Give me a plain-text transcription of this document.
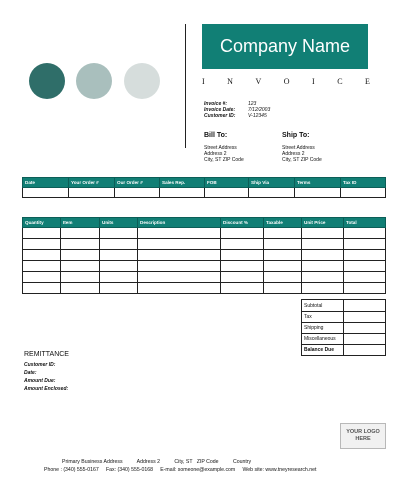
Company Name
I	N	V	O	I	C	E
Invoice #:	123
Invoice Date:	7/12/2003
Customer ID:	V-12345
Bill To:
Street Address
Address 2
City, ST ZIP Code
Ship To:
Street Address
Address 2
City, ST ZIP Code
Date	Your Order #	Our Order #	Sales Rep.	FOB	Ship Via	Terms	Tax ID

Quantity	Item	Units	Description	Discount %	Taxable	Unit Price	Total

Subtotal	
Tax	
Shipping	
Miscellaneous	
Balance Due	
REMITTANCE
Customer ID:
Date:
Amount Due:
Amount Enclosed:
YOUR LOGO
HERE
Primary Business Address          Address 2          City, ST   ZIP Code          Country
Phone : (340) 555-0167     Fax: (340) 555-0168     E-mail: someone@example.com     Web site: www.tneyresearch.net
